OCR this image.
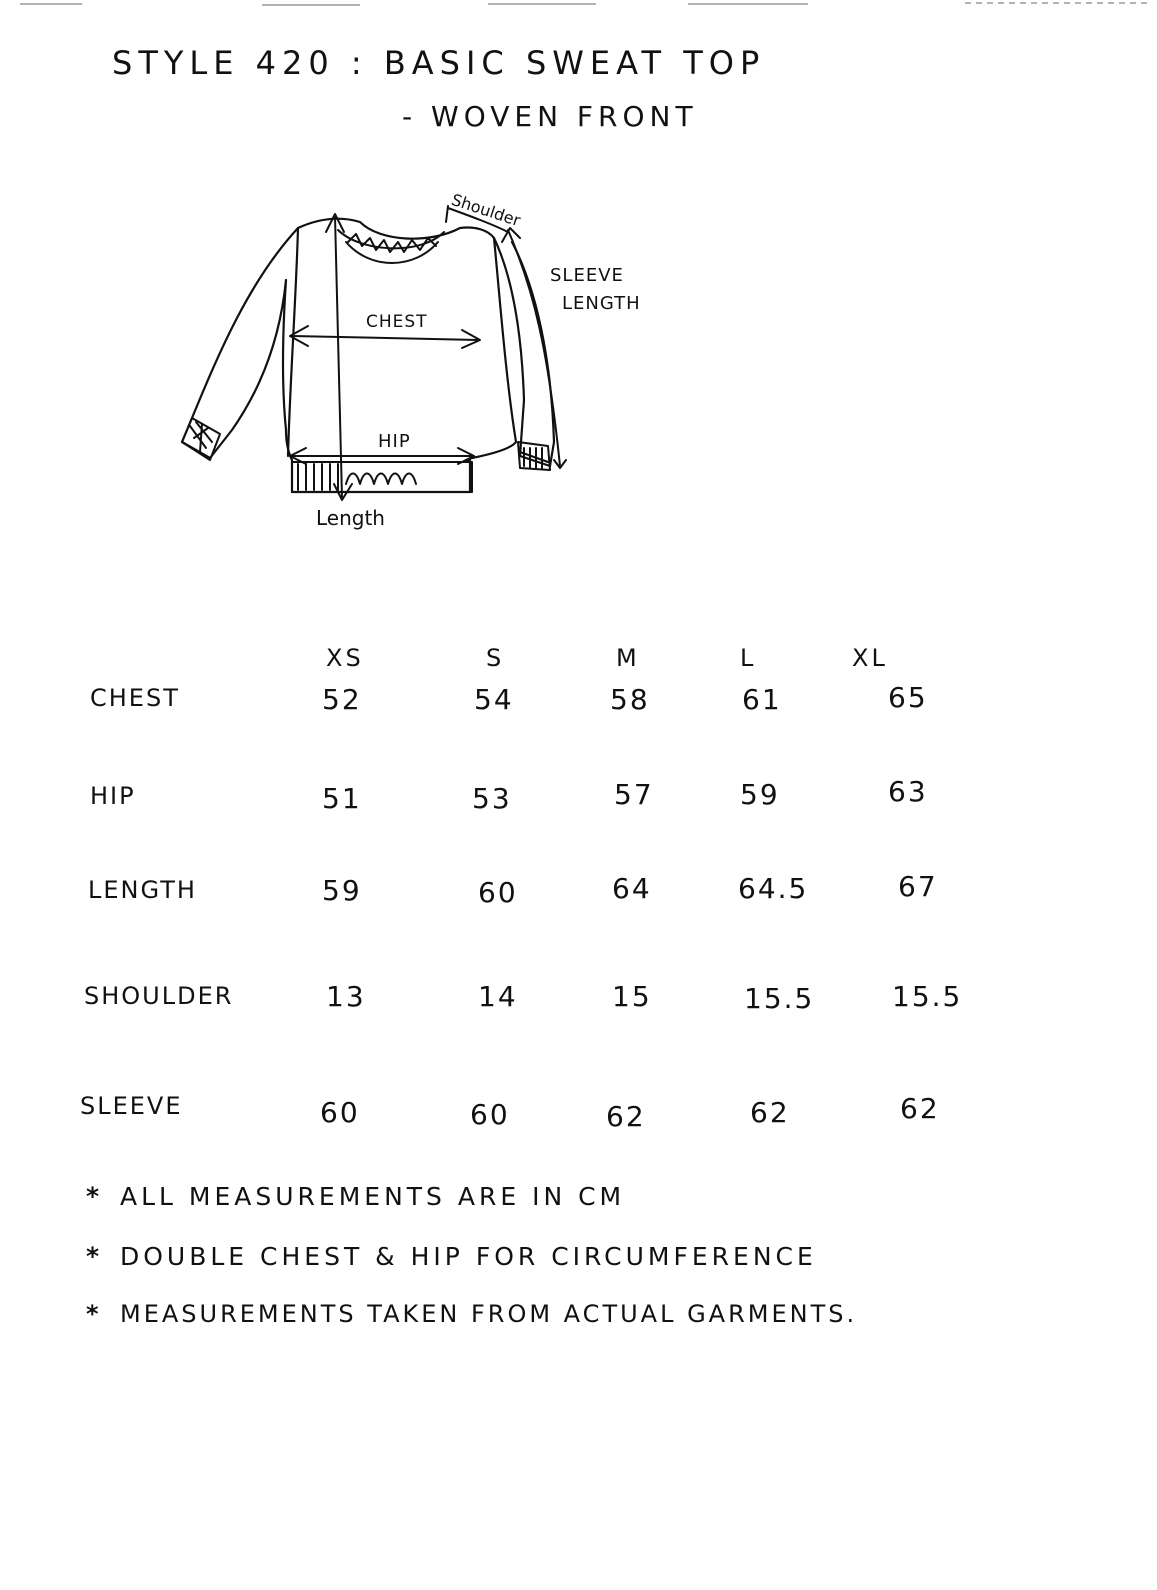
STYLE 420 : BASIC SWEAT TOP
- WOVEN FRONT
Shoulder
SLEEVE
LENGTH
CHEST
HIP
Length
XS	S	M	L	XL
CHEST	52	54	58	61	65
HIP	51	53	57	59	63
LENGTH	59	60	64	64.5	67
SHOULDER	13	14	15	15.5	15.5
SLEEVE	60	60	62	62	62
* ALL MEASUREMENTS ARE IN CM
* DOUBLE CHEST & HIP FOR CIRCUMFERENCE
* MEASUREMENTS TAKEN FROM ACTUAL GARMENTS.
